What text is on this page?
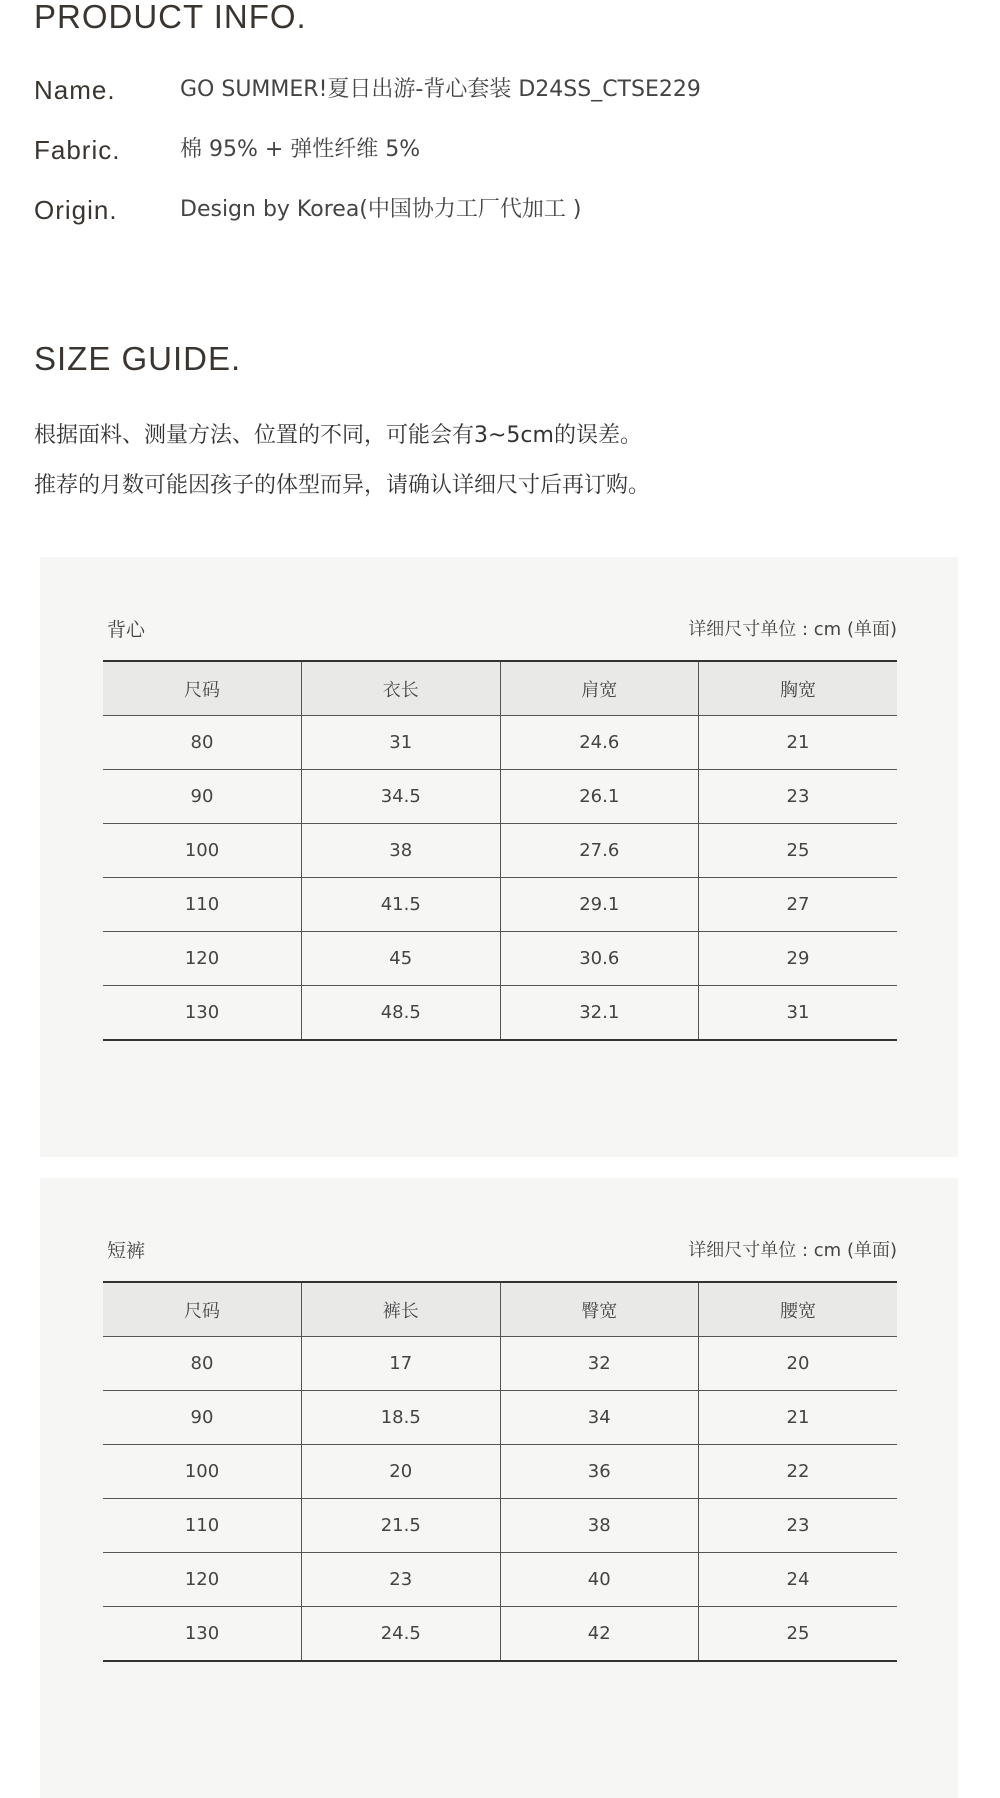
PRODUCT INFO.
Name.	GO SUMMER!夏日出游-背心套装 D24SS_CTSE229
Fabric.	棉 95% + 弹性纤维 5%
Origin.	Design by Korea(中国协力工厂代加工 )
SIZE GUIDE.
根据面料、测量方法、位置的不同，可能会有3~5cm的误差。
推荐的月数可能因孩子的体型而异，请确认详细尺寸后再订购。
背心	详细尺寸单位 : cm (单面)
尺码	衣长	肩宽	胸宽
80	31	24.6	21
90	34.5	26.1	23
100	38	27.6	25
110	41.5	29.1	27
120	45	30.6	29
130	48.5	32.1	31
短裤	详细尺寸单位 : cm (单面)
尺码	裤长	臀宽	腰宽
80	17	32	20
90	18.5	34	21
100	20	36	22
110	21.5	38	23
120	23	40	24
130	24.5	42	25
